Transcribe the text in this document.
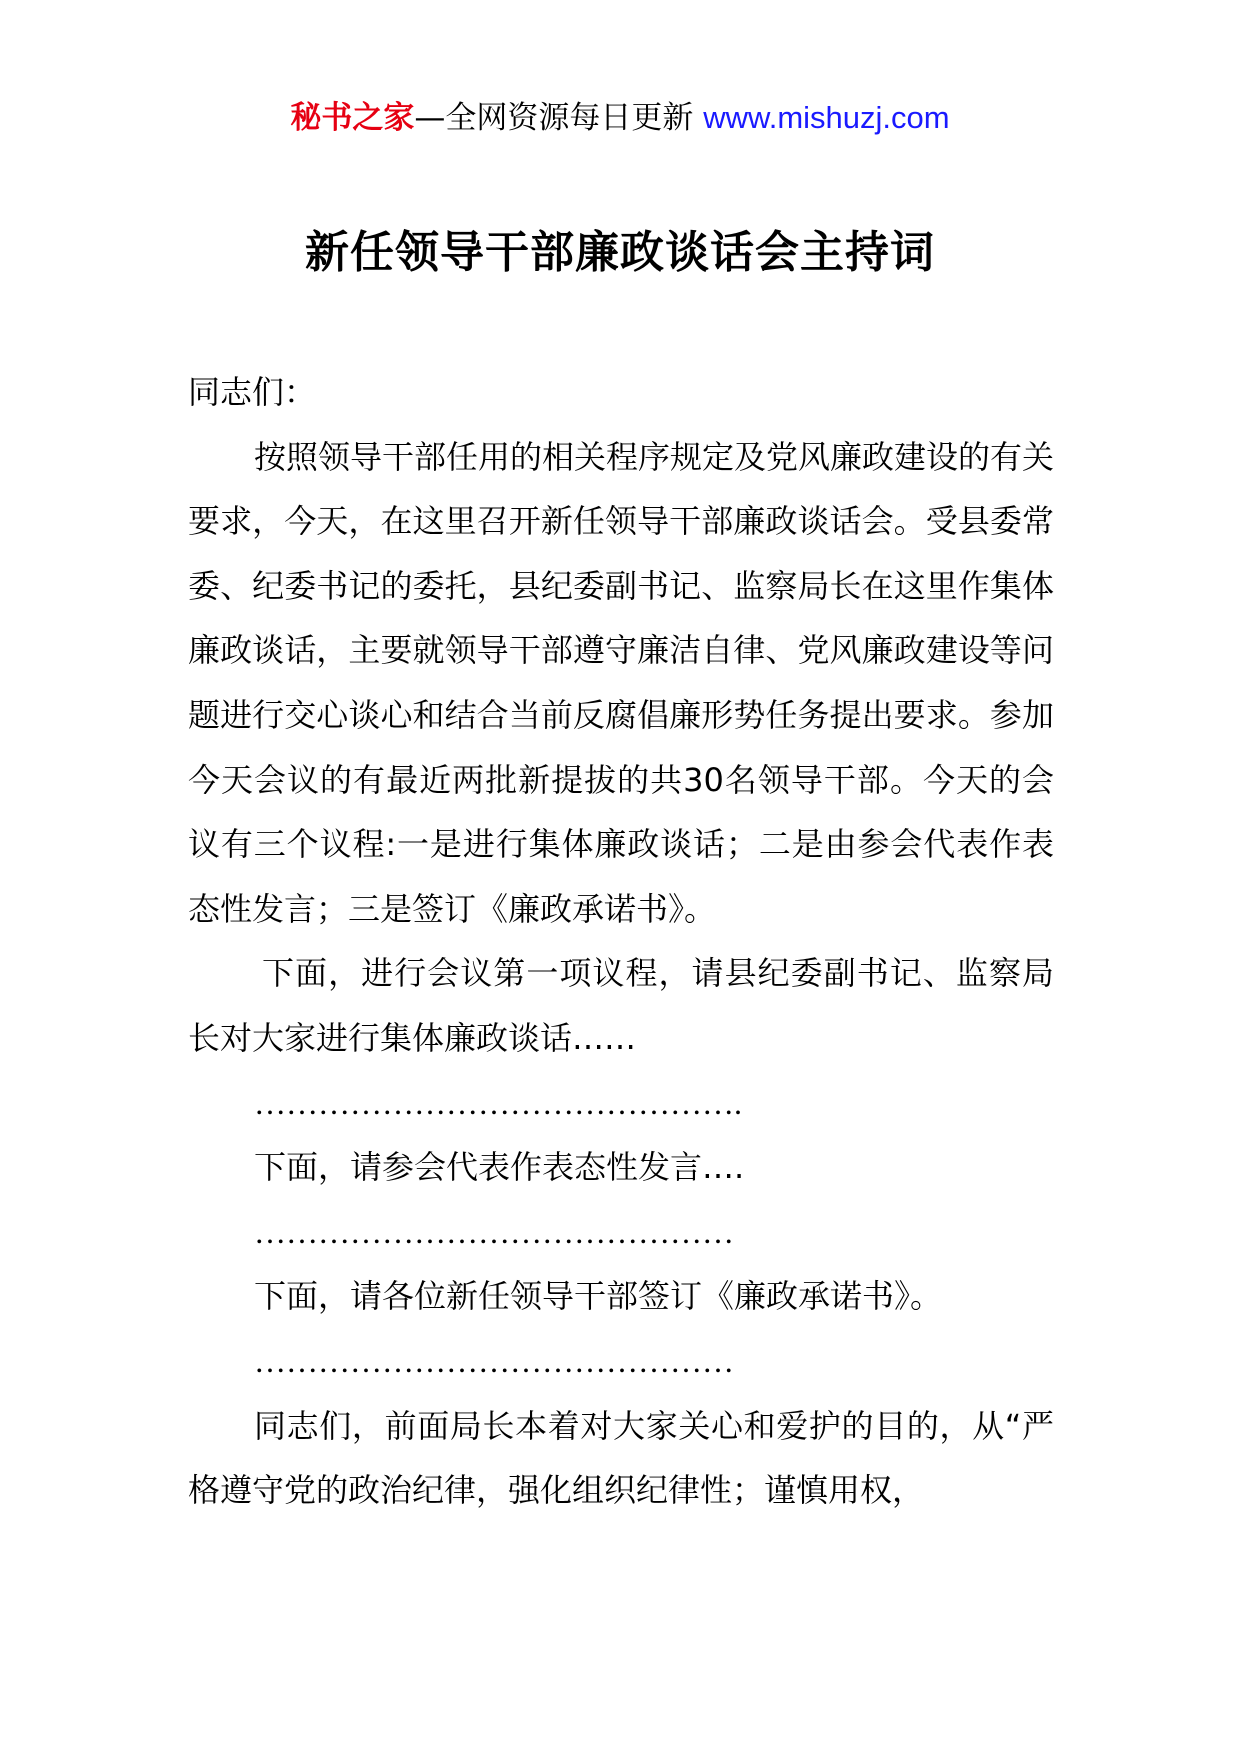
秘书之家—全网资源每日更新 www.mishuzj.com
新任领导干部廉政谈话会主持词

同志们：

按照领导干部任用的相关程序规定及党风廉政建设的有关要求，今天，在这里召开新任领导干部廉政谈话会。受县委常委、纪委书记的委托，县纪委副书记、监察局长在这里作集体廉政谈话，主要就领导干部遵守廉洁自律、党风廉政建设等问题进行交心谈心和结合当前反腐倡廉形势任务提出要求。参加今天会议的有最近两批新提拔的共30名领导干部。今天的会议有三个议程:一是进行集体廉政谈话；二是由参会代表作表态性发言；三是签订《廉政承诺书》。

下面，进行会议第一项议程，请县纪委副书记、监察局长对大家进行集体廉政谈话……

……………………………………….

下面，请参会代表作表态性发言….

………………………………………

下面，请各位新任领导干部签订《廉政承诺书》。

………………………………………

同志们，前面局长本着对大家关心和爱护的目的，从“严格遵守党的政治纪律，强化组织纪律性；谨慎用权，
